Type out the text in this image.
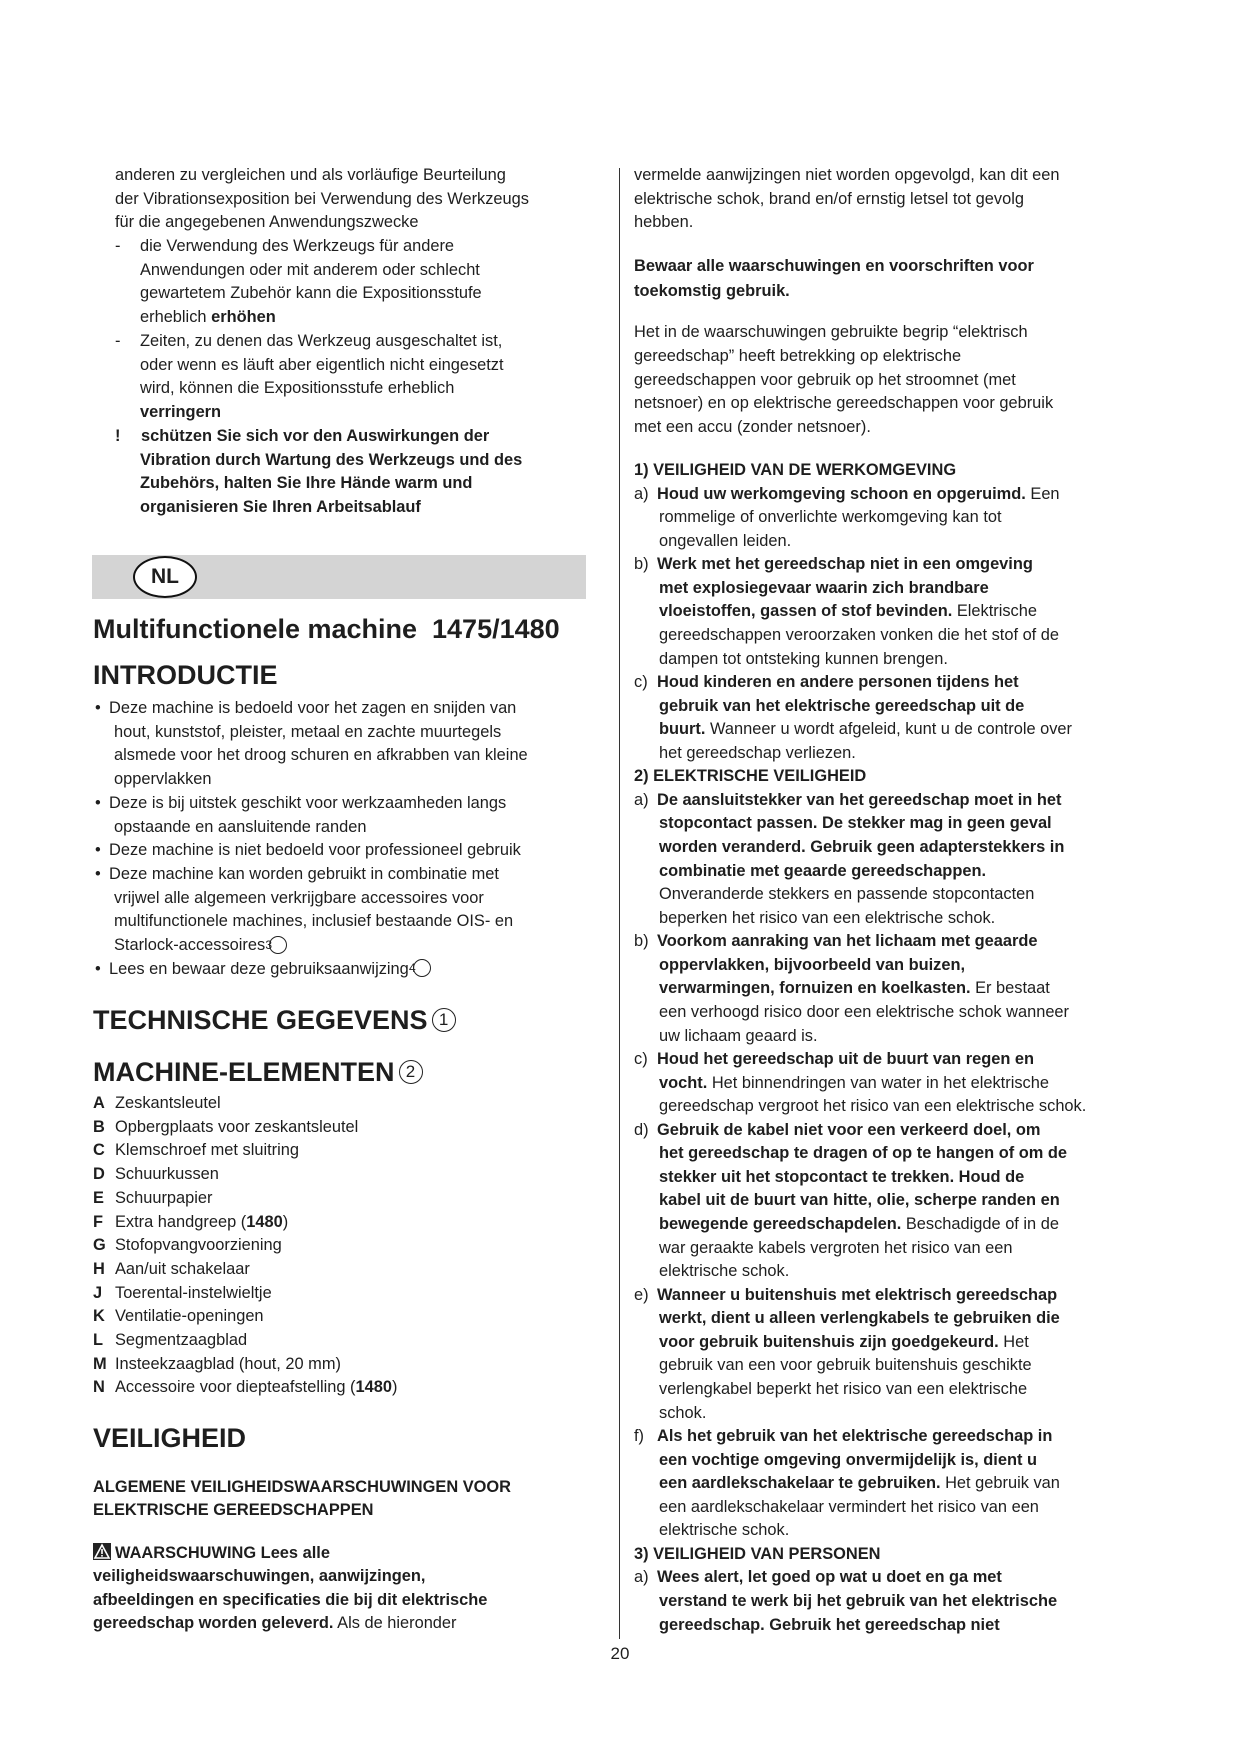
anderen zu vergleichen und als vorläufige Beurteilung
der Vibrationsexposition bei Verwendung des Werkzeugs
für die angegebenen Anwendungszwecke
- die Verwendung des Werkzeugs für andere
Anwendungen oder mit anderem oder schlecht
gewartetem Zubehör kann die Expositionsstufe
erheblich erhöhen
- Zeiten, zu denen das Werkzeug ausgeschaltet ist,
oder wenn es läuft aber eigentlich nicht eingesetzt
wird, können die Expositionsstufe erheblich
verringern
! schützen Sie sich vor den Auswirkungen der
Vibration durch Wartung des Werkzeugs und des
Zubehörs, halten Sie Ihre Hände warm und
organisieren Sie Ihren Arbeitsablauf
NL
Multifunctionele machine  1475/1480
INTRODUCTIE
• Deze machine is bedoeld voor het zagen en snijden van
hout, kunststof, pleister, metaal en zachte muurtegels
alsmede voor het droog schuren en afkrabben van kleine
oppervlakken
• Deze is bij uitstek geschikt voor werkzaamheden langs
opstaande en aansluitende randen
• Deze machine is niet bedoeld voor professioneel gebruik
• Deze machine kan worden gebruikt in combinatie met
vrijwel alle algemeen verkrijgbare accessoires voor
multifunctionele machines, inclusief bestaande OIS- en
Starlock-accessoires3
• Lees en bewaar deze gebruiksaanwijzing4
TECHNISCHE GEGEVENS 1
MACHINE-ELEMENTEN 2
A Zeskantsleutel
B Opbergplaats voor zeskantsleutel
C Klemschroef met sluitring
D Schuurkussen
E Schuurpapier
F Extra handgreep (1480)
G Stofopvangvoorziening
H Aan/uit schakelaar
J Toerental-instelwieltje
K Ventilatie-openingen
L Segmentzaagblad
M Insteekzaagblad (hout, 20 mm)
N Accessoire voor diepteafstelling (1480)
VEILIGHEID
ALGEMENE VEILIGHEIDSWAARSCHUWINGEN VOOR
ELEKTRISCHE GEREEDSCHAPPEN
WAARSCHUWING Lees alle
veiligheidswaarschuwingen, aanwijzingen,
afbeeldingen en specificaties die bij dit elektrische
gereedschap worden geleverd. Als de hieronder
vermelde aanwijzingen niet worden opgevolgd, kan dit een
elektrische schok, brand en/of ernstig letsel tot gevolg
hebben.
Bewaar alle waarschuwingen en voorschriften voor
toekomstig gebruik.
Het in de waarschuwingen gebruikte begrip “elektrisch
gereedschap” heeft betrekking op elektrische
gereedschappen voor gebruik op het stroomnet (met
netsnoer) en op elektrische gereedschappen voor gebruik
met een accu (zonder netsnoer).
1) VEILIGHEID VAN DE WERKOMGEVING
a) Houd uw werkomgeving schoon en opgeruimd. Een
rommelige of onverlichte werkomgeving kan tot
ongevallen leiden.
b) Werk met het gereedschap niet in een omgeving
met explosiegevaar waarin zich brandbare
vloeistoffen, gassen of stof bevinden. Elektrische
gereedschappen veroorzaken vonken die het stof of de
dampen tot ontsteking kunnen brengen.
c) Houd kinderen en andere personen tijdens het
gebruik van het elektrische gereedschap uit de
buurt. Wanneer u wordt afgeleid, kunt u de controle over
het gereedschap verliezen.
2) ELEKTRISCHE VEILIGHEID
a) De aansluitstekker van het gereedschap moet in het
stopcontact passen. De stekker mag in geen geval
worden veranderd. Gebruik geen adapterstekkers in
combinatie met geaarde gereedschappen.
Onveranderde stekkers en passende stopcontacten
beperken het risico van een elektrische schok.
b) Voorkom aanraking van het lichaam met geaarde
oppervlakken, bijvoorbeeld van buizen,
verwarmingen, fornuizen en koelkasten. Er bestaat
een verhoogd risico door een elektrische schok wanneer
uw lichaam geaard is.
c) Houd het gereedschap uit de buurt van regen en
vocht. Het binnendringen van water in het elektrische
gereedschap vergroot het risico van een elektrische schok.
d) Gebruik de kabel niet voor een verkeerd doel, om
het gereedschap te dragen of op te hangen of om de
stekker uit het stopcontact te trekken. Houd de
kabel uit de buurt van hitte, olie, scherpe randen en
bewegende gereedschapdelen. Beschadigde of in de
war geraakte kabels vergroten het risico van een
elektrische schok.
e) Wanneer u buitenshuis met elektrisch gereedschap
werkt, dient u alleen verlengkabels te gebruiken die
voor gebruik buitenshuis zijn goedgekeurd. Het
gebruik van een voor gebruik buitenshuis geschikte
verlengkabel beperkt het risico van een elektrische
schok.
f) Als het gebruik van het elektrische gereedschap in
een vochtige omgeving onvermijdelijk is, dient u
een aardlekschakelaar te gebruiken. Het gebruik van
een aardlekschakelaar vermindert het risico van een
elektrische schok.
3) VEILIGHEID VAN PERSONEN
a) Wees alert, let goed op wat u doet en ga met
verstand te werk bij het gebruik van het elektrische
gereedschap. Gebruik het gereedschap niet
20
